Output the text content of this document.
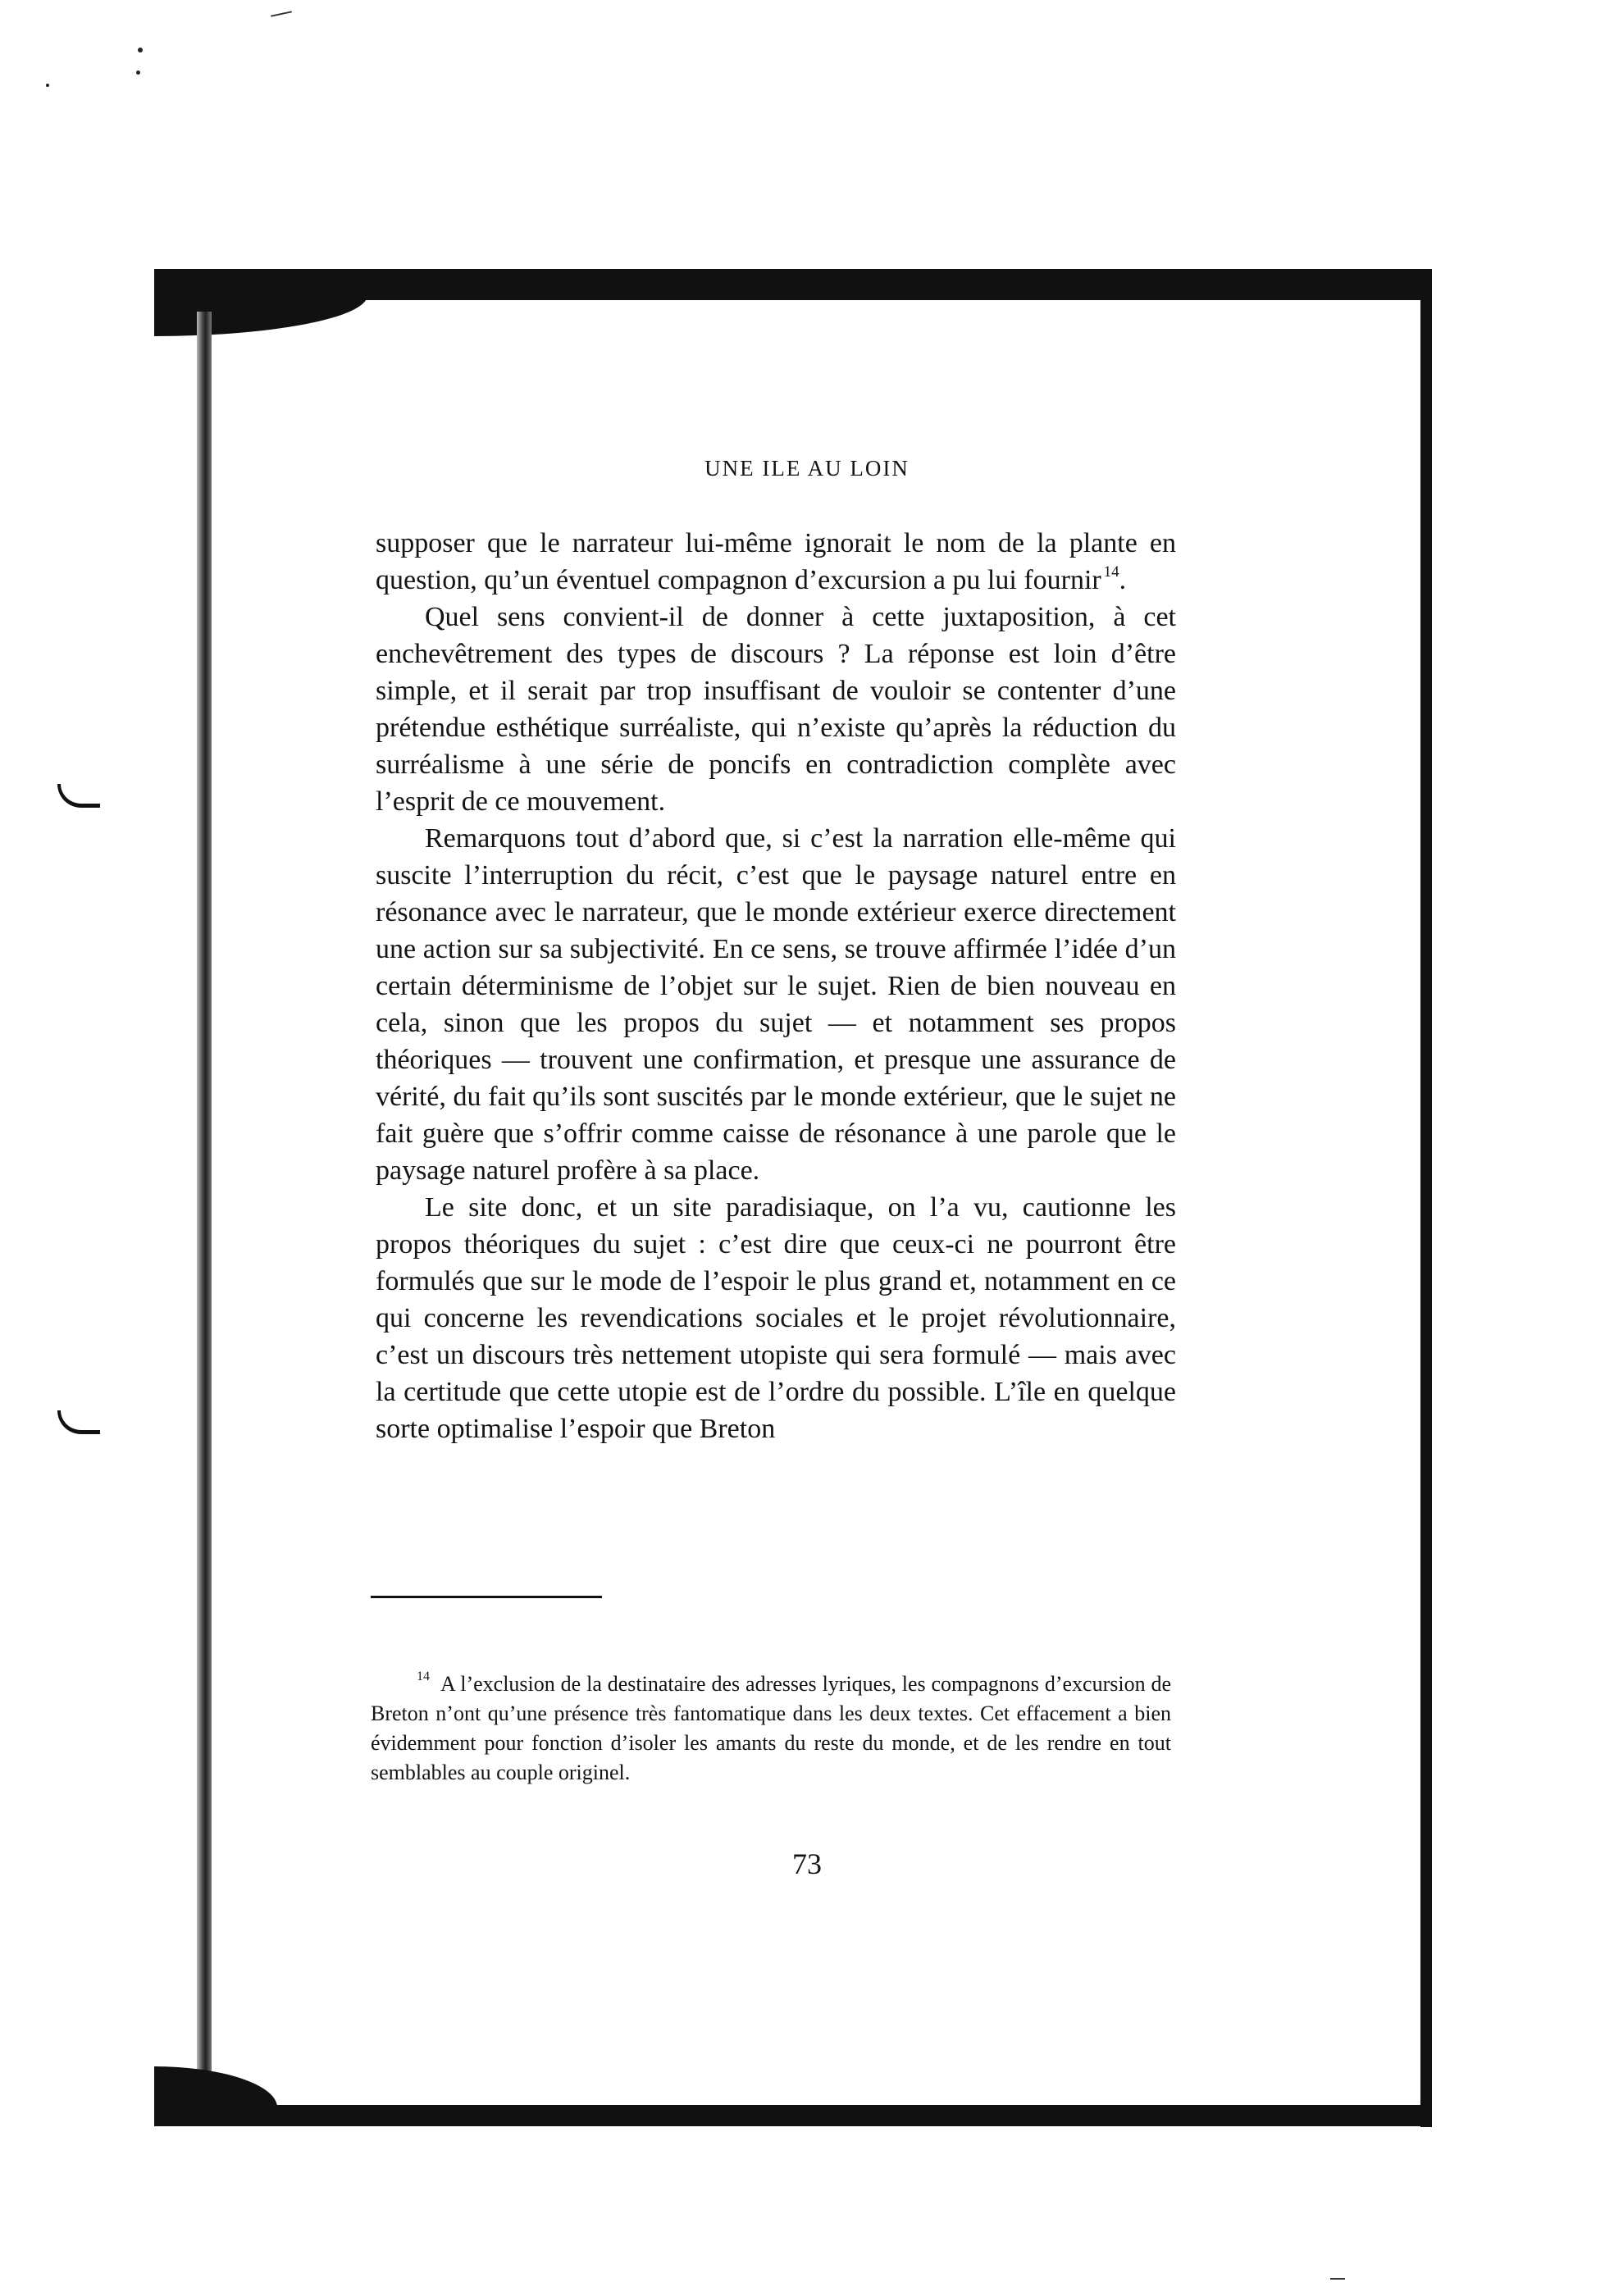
UNE ILE AU LOIN

supposer que le narrateur lui-même ignorait le nom de la plante en question, qu’un éventuel compagnon d’excursion a pu lui fournir  $^{14}$.

Quel sens convient-il de donner à cette juxtaposition, à cet enchevêtrement des types de discours ? La réponse est loin d’être simple, et il serait par trop insuffisant de vouloir se contenter d’une prétendue esthétique surréaliste, qui n’existe qu’après la réduction du surréalisme à une série de poncifs en contradiction complète avec l’esprit de ce mouvement.

Remarquons tout d’abord que, si c’est la narration elle-même qui suscite l’interruption du récit, c’est que le paysage naturel entre en résonance avec le narrateur, que le monde extérieur exerce directement une action sur sa subjectivité. En ce sens, se trouve affirmée l’idée d’un certain déterminisme de l’objet sur le sujet. Rien de bien nouveau en cela, sinon que les propos du sujet — et notamment ses propos théoriques — trouvent une confirmation, et presque une assurance de vérité, du fait qu’ils sont suscités par le monde extérieur, que le sujet ne fait guère que s’offrir comme caisse de résonance à une parole que le paysage naturel profère à sa place.

Le site donc, et un site paradisiaque, on l’a vu, cautionne les propos théoriques du sujet : c’est dire que ceux-ci ne pourront être formulés que sur le mode de l’espoir le plus grand et, notamment en ce qui concerne les revendications sociales et le projet révolutionnaire, c’est un discours très nettement utopiste qui sera formulé — mais avec la certitude que cette utopie est de l’ordre du possible. L’île en quelque sorte optimalise l’espoir que Breton

$^{14}$  A l’exclusion de la destinataire des adresses lyriques, les compagnons d’excursion de Breton n’ont qu’une présence très fantomatique dans les deux textes. Cet effacement a bien évidemment pour fonction d’isoler les amants du reste du monde, et de les rendre en tout semblables au couple originel.

73
